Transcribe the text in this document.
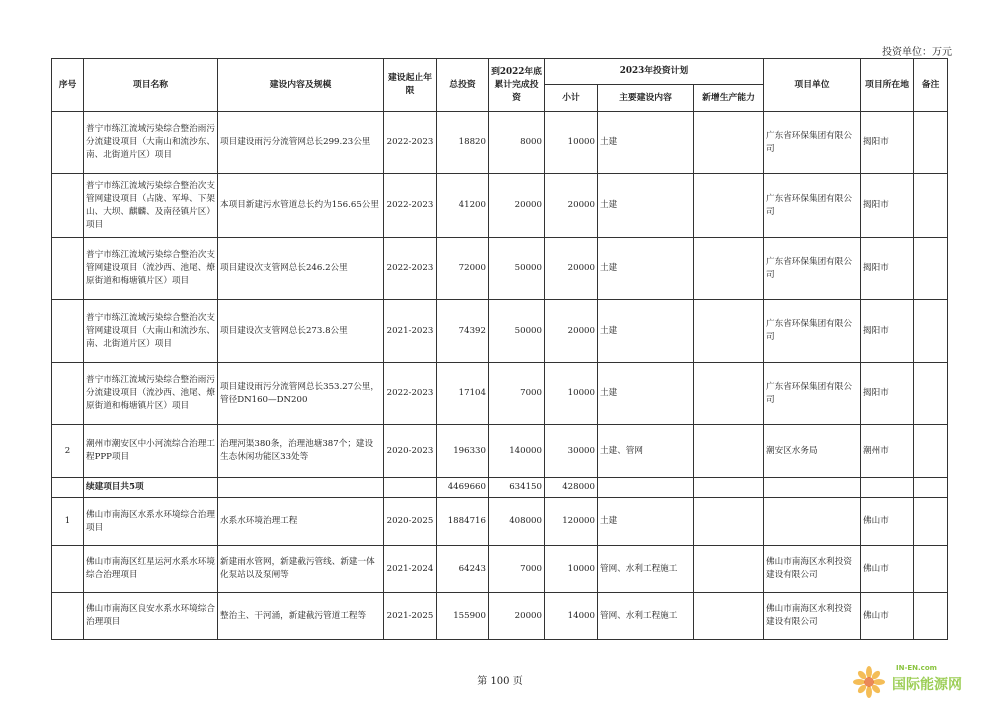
投资单位：万元
序号	项目名称	建设内容及规模	建设起止年限	总投资	到2022年底累计完成投资	2023年投资计划			项目单位	项目所在地	备注
						小计	主要建设内容	新增生产能力			
	普宁市练江流域污染综合整治雨污分流建设项目（大南山和流沙东、南、北街道片区）项目	项目建设雨污分流管网总长299.23公里	2022-2023	18820	8000	10000	土建		广东省环保集团有限公司	揭阳市	
	普宁市练江流域污染综合整治次支管网建设项目（占陇、军埠、下架山、大坝、麒麟、及南径镇片区）项目	本项目新建污水管道总长约为156.65公里	2022-2023	41200	20000	20000	土建		广东省环保集团有限公司	揭阳市	
	普宁市练江流域污染综合整治次支管网建设项目（流沙西、池尾、燎原街道和梅塘镇片区）项目	项目建设次支管网总长246.2公里	2022-2023	72000	50000	20000	土建		广东省环保集团有限公司	揭阳市	
	普宁市练江流域污染综合整治次支管网建设项目（大南山和流沙东、南、北街道片区）项目	项目建设次支管网总长273.8公里	2021-2023	74392	50000	20000	土建		广东省环保集团有限公司	揭阳市	
	普宁市练江流域污染综合整治雨污分流建设项目（流沙西、池尾、燎原街道和梅塘镇片区）项目	项目建设雨污分流管网总长353.27公里，管径DN160—DN200	2022-2023	17104	7000	10000	土建		广东省环保集团有限公司	揭阳市	
2	潮州市潮安区中小河流综合治理工程PPP项目	治理河渠380条，治理池塘387个；建设生态休闲功能区33处等	2020-2023	196330	140000	30000	土建、管网		潮安区水务局	潮州市	
	续建项目共5项			4469660	634150	428000					
1	佛山市南海区水系水环境综合治理项目	水系水环境治理工程	2020-2025	1884716	408000	120000	土建			佛山市	
	佛山市南海区红星运河水系水环境综合治理项目	新建雨水管网，新建截污管线、新建一体化泵站以及泵闸等	2021-2024	64243	7000	10000	管网、水利工程施工		佛山市南海区水利投资建设有限公司	佛山市	
	佛山市南海区良安水系水环境综合治理项目	整治主、干河涌，新建截污管道工程等	2021-2025	155900	20000	14000	管网、水利工程施工		佛山市南海区水利投资建设有限公司	佛山市	
第 100 页
IN-EN.com
国际能源网
